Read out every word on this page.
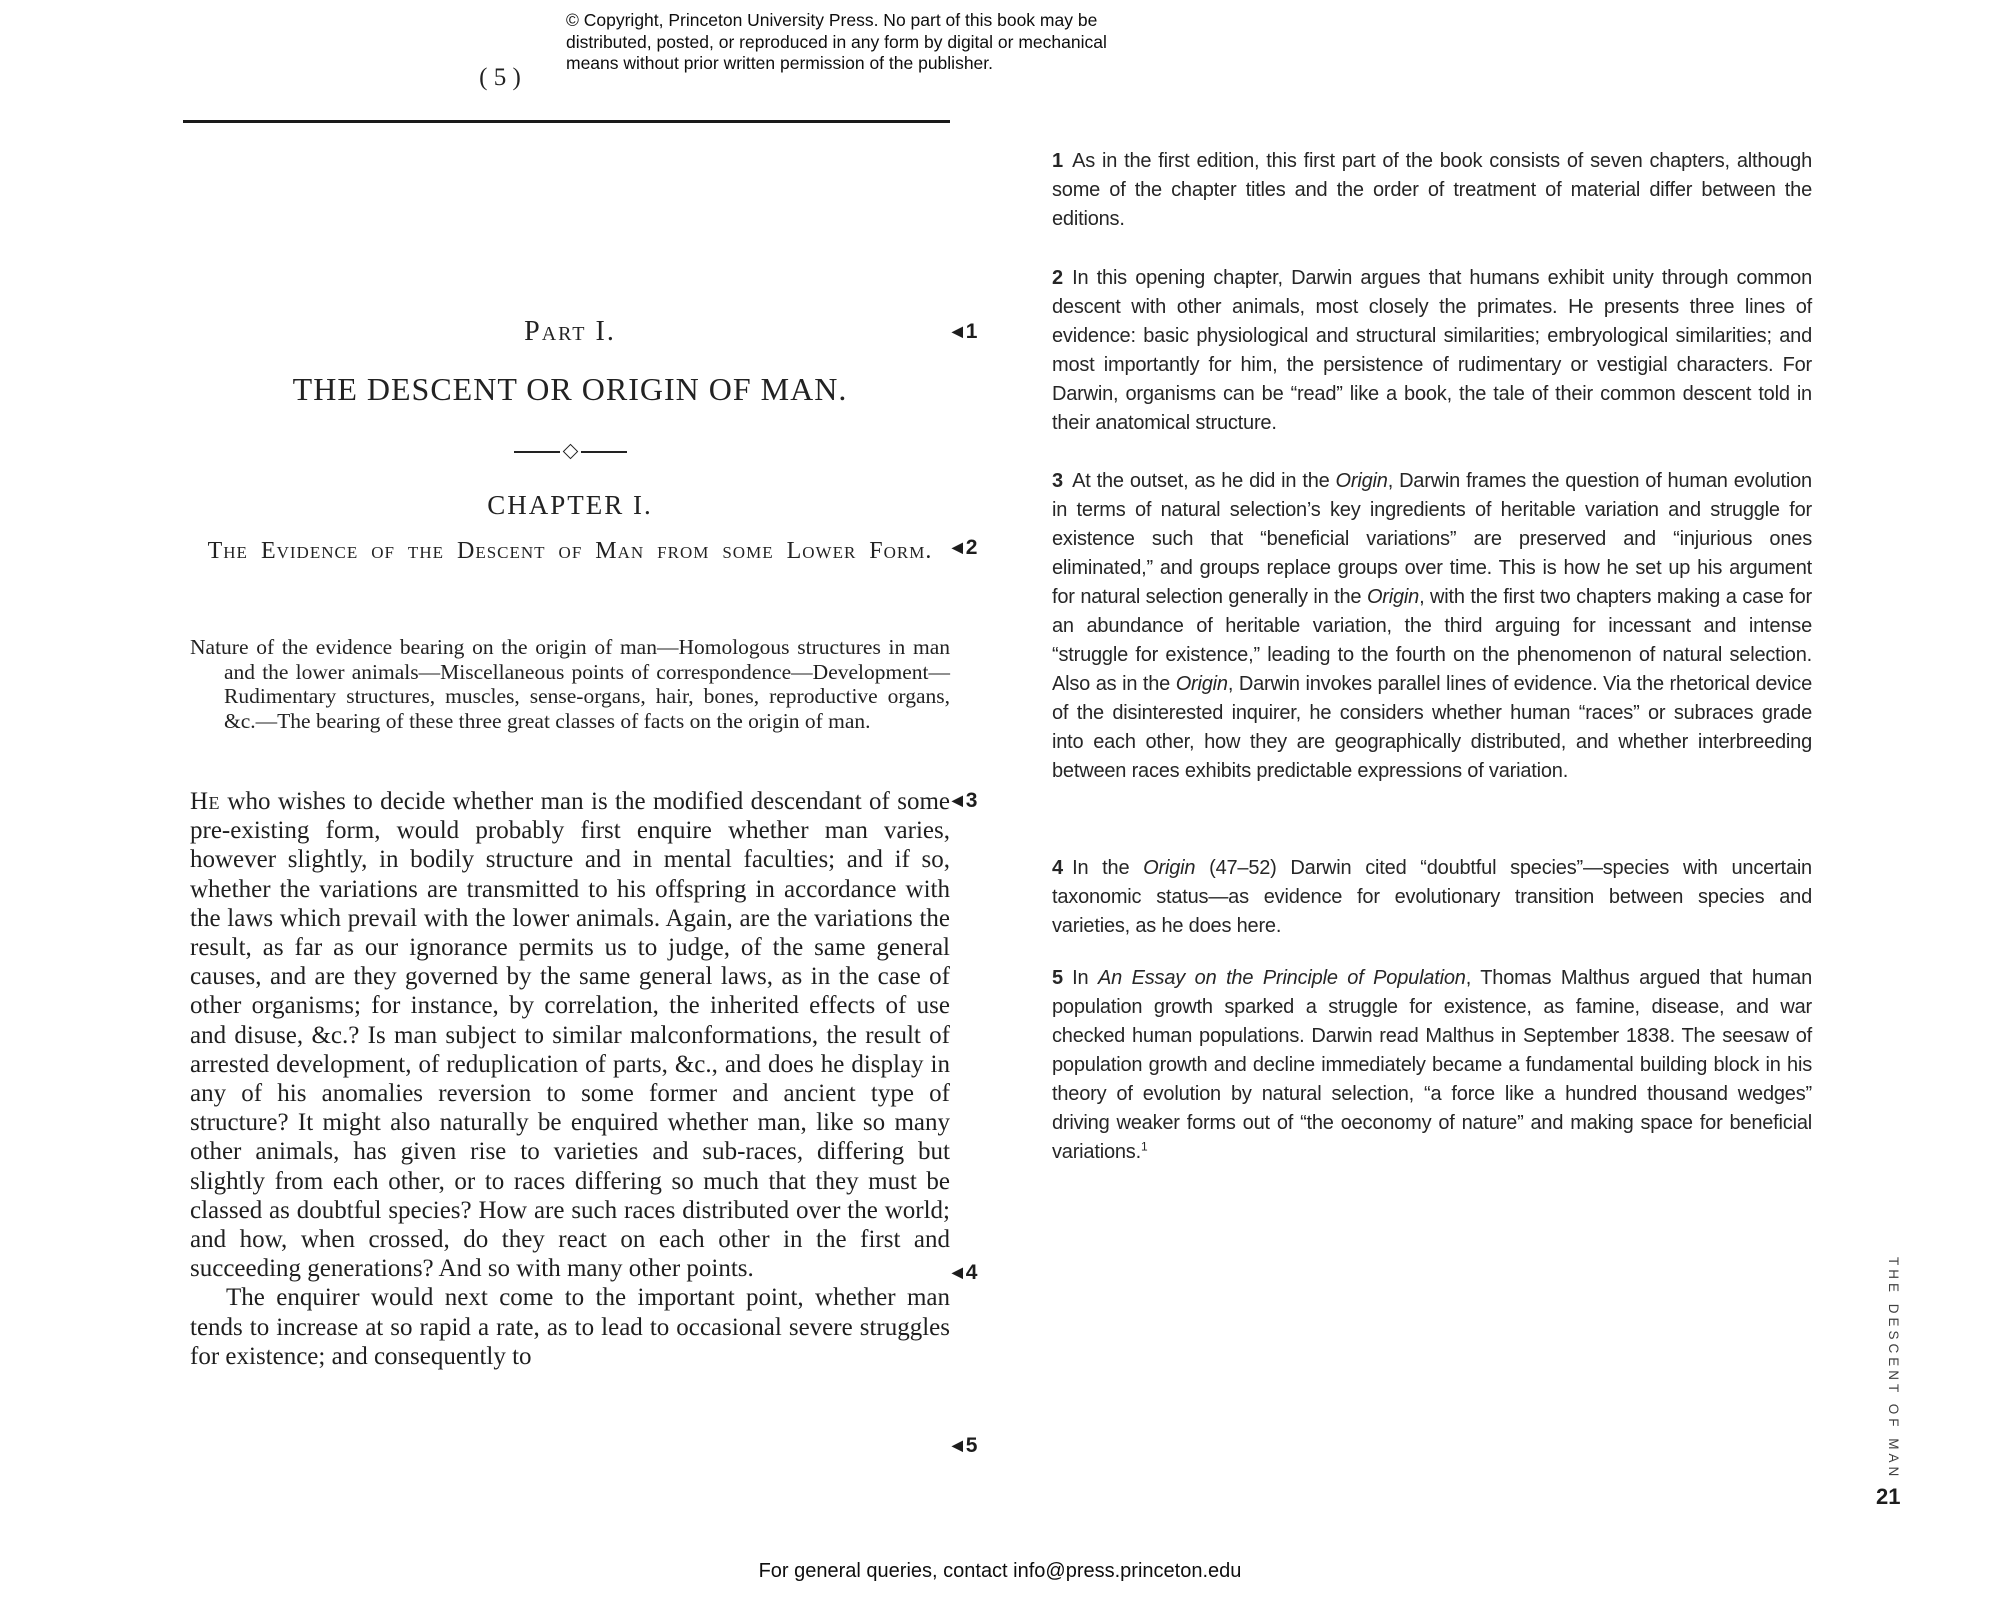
© Copyright, Princeton University Press. No part of this book may be
distributed, posted, or reproduced in any form by digital or mechanical
means without prior written permission of the publisher.
( 5 )
Part I.
THE DESCENT OR ORIGIN OF MAN.
CHAPTER I.
The Evidence of the Descent of Man from some Lower Form.
Nature of the evidence bearing on the origin of man—Homologous structures in man and the lower animals—Miscellaneous points of correspondence—Development—Rudimentary structures, muscles, sense-organs, hair, bones, reproductive organs, &c.—The bearing of these three great classes of facts on the origin of man.

He who wishes to decide whether man is the modified descendant of some pre-existing form, would probably first enquire whether man varies, however slightly, in bodily structure and in mental faculties; and if so, whether the variations are transmitted to his offspring in accordance with the laws which prevail with the lower animals. Again, are the variations the result, as far as our ignorance permits us to judge, of the same general causes, and are they governed by the same general laws, as in the case of other organisms; for instance, by correlation, the inherited effects of use and disuse, &c.? Is man subject to similar malconformations, the result of arrested development, of reduplication of parts, &c., and does he display in any of his anomalies reversion to some former and ancient type of structure? It might also naturally be enquired whether man, like so many other animals, has given rise to varieties and sub-races, differing but slightly from each other, or to races differing so much that they must be classed as doubtful species? How are such races distributed over the world; and how, when crossed, do they react on each other in the first and succeeding generations? And so with many other points.

The enquirer would next come to the important point, whether man tends to increase at so rapid a rate, as to lead to occasional severe struggles for existence; and consequently to

◀ 1
◀ 2
◀ 3
◀ 4
◀ 5
1 As in the first edition, this first part of the book consists of seven chapters, although some of the chapter titles and the order of treatment of material differ between the editions.
2 In this opening chapter, Darwin argues that humans exhibit unity through common descent with other animals, most closely the primates. He presents three lines of evidence: basic physiological and structural similarities; embryological similarities; and most importantly for him, the persistence of rudimentary or vestigial characters. For Darwin, organisms can be “read” like a book, the tale of their common descent told in their anatomical structure.
3 At the outset, as he did in the Origin, Darwin frames the question of human evolution in terms of natural selection’s key ingredients of heritable variation and struggle for existence such that “beneficial variations” are preserved and “injurious ones eliminated,” and groups replace groups over time. This is how he set up his argument for natural selection generally in the Origin, with the first two chapters making a case for an abundance of heritable variation, the third arguing for incessant and intense “struggle for existence,” leading to the fourth on the phenomenon of natural selection. Also as in the Origin, Darwin invokes parallel lines of evidence. Via the rhetorical device of the disinterested inquirer, he considers whether human “races” or subraces grade into each other, how they are geographically distributed, and whether interbreeding between races exhibits predictable expressions of variation.
4 In the Origin (47–52) Darwin cited “doubtful species”—species with uncertain taxonomic status—as evidence for evolutionary transition between species and varieties, as he does here.
5 In An Essay on the Principle of Population, Thomas Malthus argued that human population growth sparked a struggle for existence, as famine, disease, and war checked human populations. Darwin read Malthus in September 1838. The seesaw of population growth and decline immediately became a fundamental building block in his theory of evolution by natural selection, “a force like a hundred thousand wedges” driving weaker forms out of “the oeconomy of nature” and making space for beneficial variations.$^1$
THE DESCENT OF MAN
21
For general queries, contact info@press.princeton.edu
